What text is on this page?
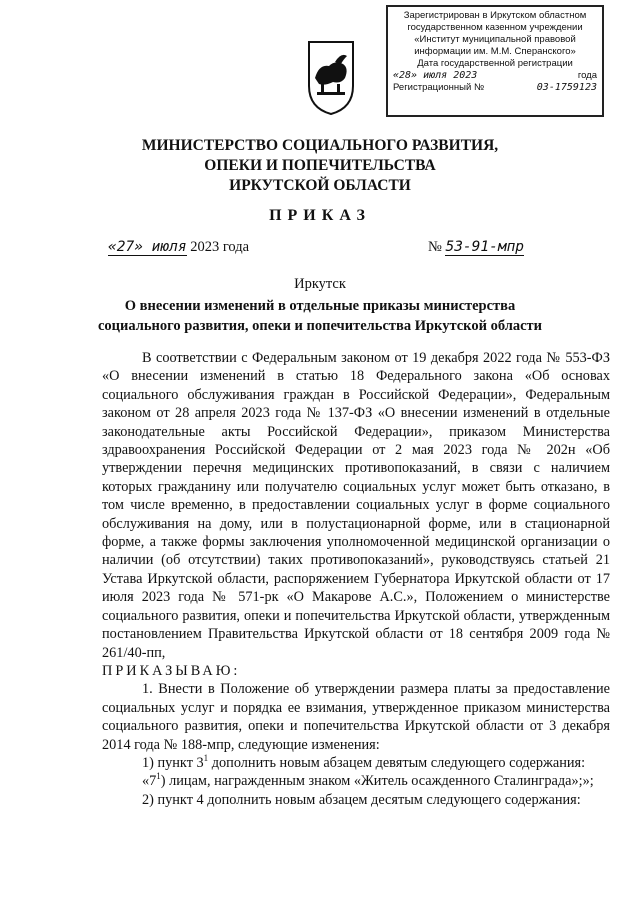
Зарегистрирован в Иркутском областном
государственном казенном учреждении
«Институт муниципальной правовой
информации им. М.М. Сперанского»
Дата государственной регистрации
«28» июля 2023	года
Регистрационный №	03-1759123
МИНИСТЕРСТВО СОЦИАЛЬНОГО РАЗВИТИЯ,
ОПЕКИ И ПОПЕЧИТЕЛЬСТВА
ИРКУТСКОЙ ОБЛАСТИ
ПРИКАЗ
«27» июля 2023 года	№ 53-91-мпр
Иркутск
О внесении изменений в отдельные приказы министерства
социального развития, опеки и попечительства Иркутской области

В соответствии с Федеральным законом от 19 декабря 2022 года № 553-ФЗ «О внесении изменений в статью 18 Федерального закона «Об основах социального обслуживания граждан в Российской Федерации», Федеральным законом от 28 апреля 2023 года № 137-ФЗ «О внесении изменений в отдельные законодательные акты Российской Федерации», приказом Министерства здравоохранения Российской Федерации от 2 мая 2023 года № 202н «Об утверждении перечня медицинских противопоказаний, в связи с наличием которых гражданину или получателю социальных услуг может быть отказано, в том числе временно, в предоставлении социальных услуг в форме социального обслуживания на дому, или в полустационарной форме, или в стационарной форме, а также формы заключения уполномоченной медицинской организации о наличии (об отсутствии) таких противопоказаний», руководствуясь статьей 21 Устава Иркутской области, распоряжением Губернатора Иркутской области от 17 июля 2023 года № 571-рк «О Макарове А.С.», Положением о министерстве социального развития, опеки и попечительства Иркутской области, утвержденным постановлением Правительства Иркутской области от 18 сентября 2009 года № 261/40-пп,

ПРИКАЗЫВАЮ:

1. Внести в Положение об утверждении размера платы за предоставление социальных услуг и порядка ее взимания, утвержденное приказом министерства социального развития, опеки и попечительства Иркутской области от 3 декабря 2014 года № 188-мпр, следующие изменения:

1) пункт $3^1$ дополнить новым абзацем девятым следующего содержания:

«$7^1$) лицам, награжденным знаком «Житель осажденного Сталинграда»;»;

2) пункт 4 дополнить новым абзацем десятым следующего содержания:
